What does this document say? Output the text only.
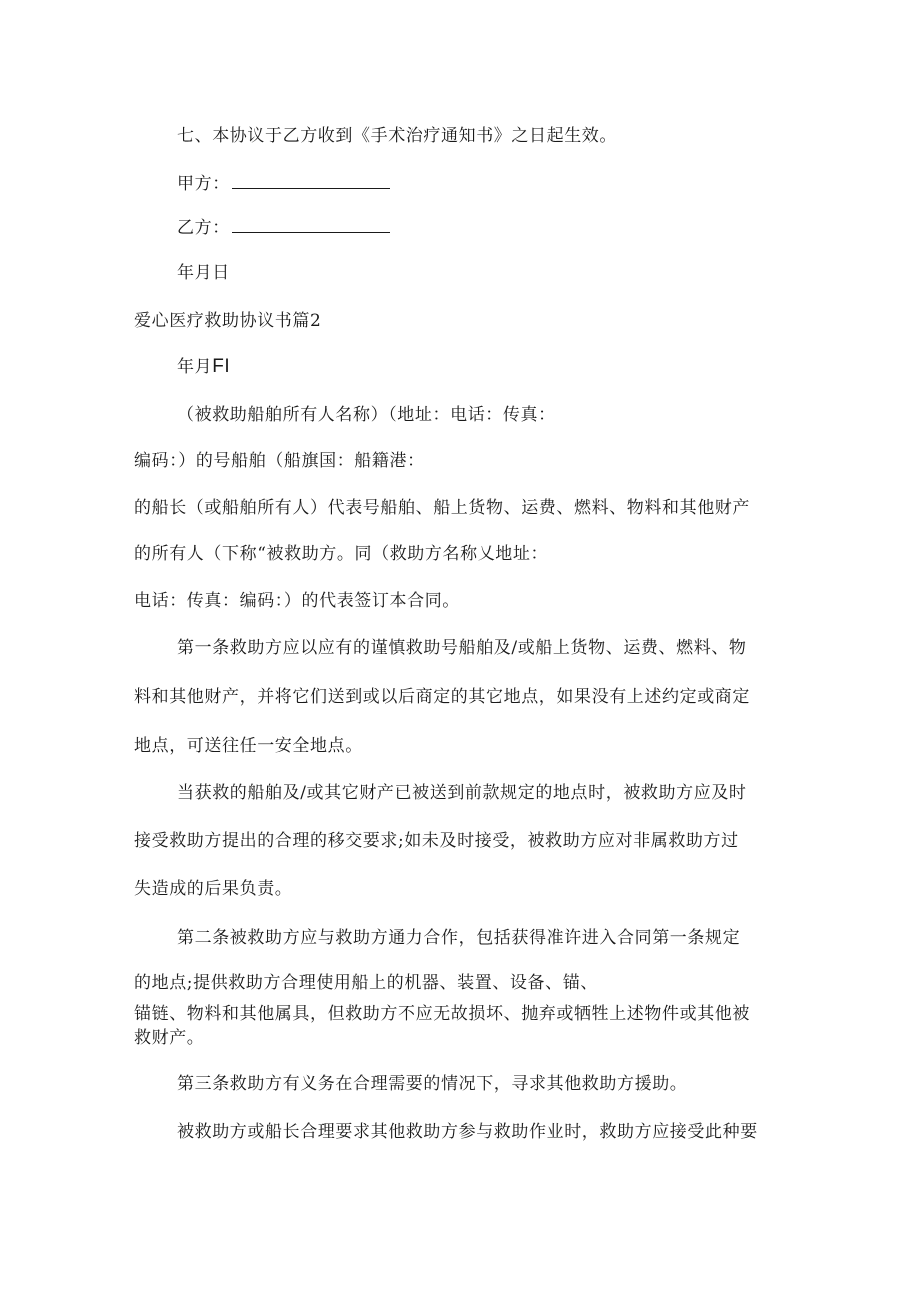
七、本协议于乙方收到《手术治疗通知书》之日起生效。
甲方：
乙方：
年月日
爱心医疗救助协议书篇2
年月FI
（被救助船舶所有人名称）（地址：电话：传真：
编码：）的号船舶（船旗国：船籍港：
的船长（或船舶所有人）代表号船舶、船上货物、运费、燃料、物料和其他财产
的所有人（下称“被救助方。同（救助方名称乂地址：
电话：传真：编码：）的代表签订本合同。
第一条救助方应以应有的谨慎救助号船舶及/或船上货物、运费、燃料、物
料和其他财产，并将它们送到或以后商定的其它地点，如果没有上述约定或商定
地点，可送往任一安全地点。
当获救的船舶及/或其它财产已被送到前款规定的地点时，被救助方应及时
接受救助方提出的合理的移交要求;如未及时接受，被救助方应对非属救助方过
失造成的后果负责。
第二条被救助方应与救助方通力合作，包括获得准许进入合同第一条规定
的地点;提供救助方合理使用船上的机器、装置、设备、锚、
锚链、物料和其他属具，但救助方不应无故损坏、抛弃或牺牲上述物件或其他被
救财产。
第三条救助方有义务在合理需要的情况下，寻求其他救助方援助。
被救助方或船长合理要求其他救助方参与救助作业时，救助方应接受此种要
